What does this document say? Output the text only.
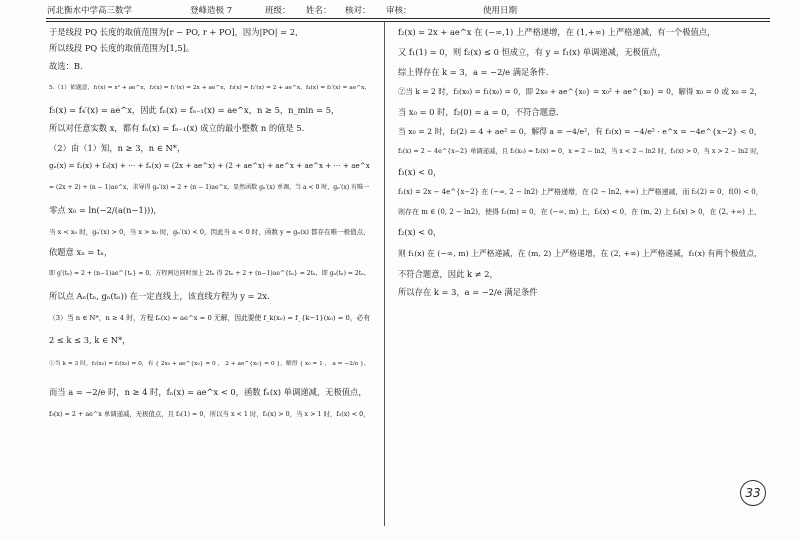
河北衡水中学高三数学	登峰造极 7	班级： 姓名： 核对： 审核：	使用日期
于是线段 PQ 长度的取值范围为[r − PO, r + PO]，因为|PO| = 2，
所以线段 PQ 长度的取值范围为[1,5]。
故选：B.
5.（1）依题意，f₁(x) = x² + ae^x，f₂(x) = f₁′(x) = 2x + ae^x，f₃(x) = f₂′(x) = 2 + ae^x，f₄(x) = f₃′(x) = ae^x，
f₅(x) = f₄′(x) = ae^x，因此 fₙ(x) = fₙ₋₁(x) = ae^x，n ≥ 5，n_min = 5，
所以对任意实数 x，都有 fₙ(x) = fₙ₋₁(x) 成立的最小整数 n 的值是 5.
（2）由（1）知，n ≥ 3，n ∈ N*，
gₙ(x) = f₂(x) + f₃(x) + ⋯ + fₙ(x) = (2x + ae^x) + (2 + ae^x) + ae^x + ae^x + ⋯ + ae^x
= (2x + 2) + (n − 1)ae^x，求导得 gₙ′(x) = 2 + (n − 1)ae^x，显然函数 gₙ′(x) 单调，当 a < 0 时，gₙ′(x) 有唯一
零点 x₀ = ln(−2/(a(n−1)))，
当 x < x₀ 时，gₙ′(x) > 0，当 x > x₀ 时，gₙ′(x) < 0，因此当 a < 0 时，函数 y = gₙ(x) 都存在唯一极值点，
依题意 xₙ = tₙ，
即 g′(tₙ) = 2 + (n−1)ae^{tₙ} = 0，方程两边同时加上 2tₙ 得 2tₙ + 2 + (n−1)ae^{tₙ} = 2tₙ，即 gₙ(tₙ) = 2tₙ，
所以点 Aₙ(tₙ, gₙ(tₙ)) 在一定直线上，该直线方程为 y = 2x.
（3）当 n ∈ N*，n ≥ 4 时，方程 fₙ(x) = ae^x = 0 无解，因此要使 f_k(x₀) = f_{k−1}(x₀) = 0，必有
2 ≤ k ≤ 3, k ∈ N*，
①当 k = 3 时，f₃(x₀) = f₂(x₀) = 0，有 { 2x₀ + ae^{x₀} = 0 ， 2 + ae^{x₀} = 0 }，解得 { x₀ = 1 ， a = −2/e }，
而当 a = −2/e 时，n ≥ 4 时，fₙ(x) = ae^x < 0，函数 fₙ(x) 单调递减，无极值点，
f₃(x) = 2 + ae^x 单调递减，无极值点，且 f₃(1) = 0，所以当 x < 1 时，f₃(x) > 0，当 x > 1 时，f₃(x) < 0，
f₂(x) = 2x + ae^x 在 (−∞,1) 上严格递增，在 (1,+∞) 上严格递减，有一个极值点，
又 f₁(1) = 0，则 f₂(x) ≤ 0 恒成立，有 y = f₁(x) 单调递减，无极值点，
综上得存在 k = 3，a = −2/e 满足条件.
②当 k = 2 时，f₂(x₀) = f₁(x₀) = 0，即 2x₀ + ae^{x₀} = x₀² + ae^{x₀} = 0，解得 x₀ = 0 或 x₀ = 2，
当 x₀ = 0 时，f₂(0) = a = 0，不符合题意.
当 x₀ = 2 时，f₂(2) = 4 + ae² = 0，解得 a = −4/e²，有 f₃(x) = −4/e² · e^x = −4e^{x−2} < 0，
f₂(x) = 2 − 4e^{x−2} 单调递减，且 f₂(x₀) = f₂(x) = 0，x = 2 − ln2，当 x < 2 − ln2 时，f₃(x) > 0，当 x > 2 − ln2 时，
f₃(x) < 0，
f₂(x) = 2x − 4e^{x−2} 在 (−∞, 2 − ln2) 上严格递增，在 (2 − ln2, +∞) 上严格递减，而 f₂(2) = 0，f(0) < 0，
则存在 m ∈ (0, 2 − ln2)，使得 f₂(m) = 0，在 (−∞, m) 上，f₂(x) < 0，在 (m, 2) 上 f₂(x) > 0，在 (2, +∞) 上，
f₂(x) < 0，
则 f₁(x) 在 (−∞, m) 上严格递减，在 (m, 2) 上严格递增，在 (2, +∞) 上严格递减，f₁(x) 有两个极值点，
不符合题意，因此 k ≠ 2，
所以存在 k = 3，a = −2/e 满足条件
33
